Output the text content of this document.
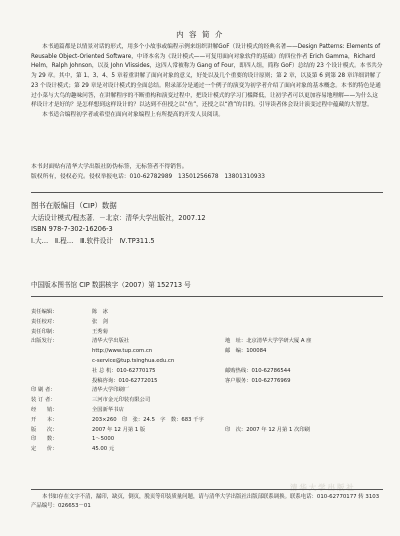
内 容 简 介

本书通篇都是以情景对话的形式，用多个小故事或编程示例来组织讲解GoF（设计模式的经典名著——Design Patterns: Elements of Reusable Object-Oriented Software，中译本名为《设计模式——可复用面向对象软件的基础》的四位作者 Erich Gamma，Richard Helm，Ralph Johnson，以及 John Vlissides，这四人常被称为 Gang of Four，即四人组，简称 GoF）总结的 23 个设计模式。本书共分为 29 章。其中，第 1、3、4、5 章着重讲解了面向对象的意义，好处以及几个重要的设计原则；第 2 章，以及第 6 到第 28 章详细讲解了 23 个设计模式；第 29 章是对设计模式的全面总结。附录部分是通过一个例子的演变为初学者介绍了面向对象的基本概念。本书的特色是通过小菜与大鸟的趣味问答，在讲解程序的不断重构和演变过程中，把设计模式的学习门槛降低，让初学者可以更加容易地理解——为什么这样设计才是好的？是怎样想到这样设计的？以达到不但授之以“鱼”，还授之以“渔”的目的。引导读者体会设计演变过程中蕴藏的大智慧。

本书适合编程初学者或希望在面向对象编程上有所提高的开发人员阅读。

本书封面贴有清华大学出版社防伪标签，无标签者不得销售。
版权所有，侵权必究。侵权举报电话：010-62782989　13501256678　13801310933
图书在版编目（CIP）数据
大话设计模式/程杰著．－北京：清华大学出版社，2007.12
ISBN 978-7-302-16206-3
Ⅰ.大…　Ⅱ.程…　Ⅲ.软件设计　Ⅳ.TP311.5
中国版本图书馆 CIP 数据核字（2007）第 152713 号
责任编辑：	陈　冰
责任校对：	张　剑
责任印制：	王秀菊
出版发行：	清华大学出版社	地　址：北京清华大学学研大厦 A 座
http://www.tup.com.cn	邮　编：100084
c-service@tup.tsinghua.edu.cn
社 总 机：010-62770175	邮购热线：010-62786544
投稿咨询：010-62772015	客户服务：010-62776969
印 刷 者：	清华大学印刷厂
装 订 者：	三河市金元印装有限公司
经　　销：	全国新华书店
开　　本：	203×260　印　张：24.5　字　数：683 千字
版　　次：	2007 年 12 月第 1 版	印　次：2007 年 12 月第 1 次印刷
印　　数：	1～5000
定　　价：	45.00 元
清华大学出版社

本书如存在文字不清，漏印，缺页，倒页，脱页等印装质量问题，请与清华大学出版社出版部联系调换。联系电话：010-62770177 转 3103　　产品编号：026653－01
